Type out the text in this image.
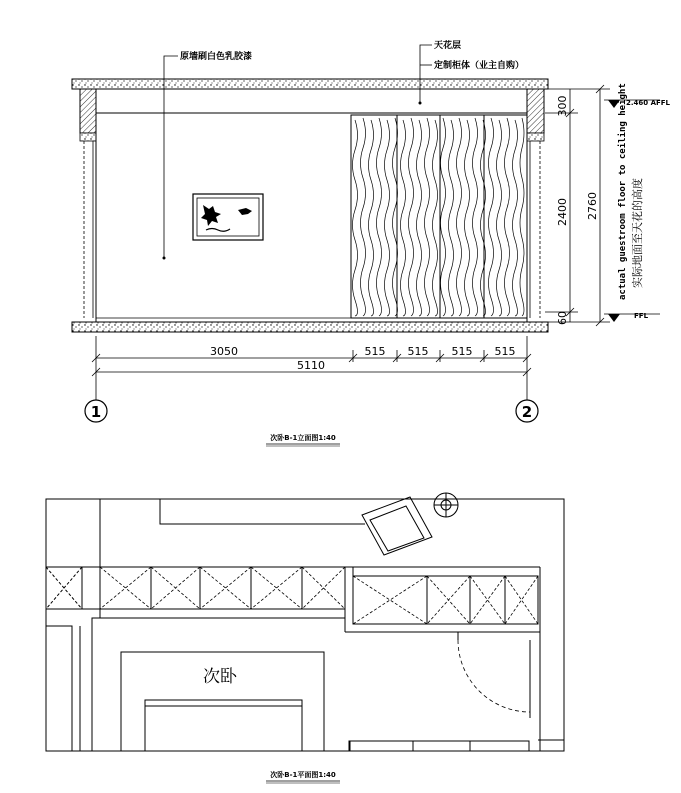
原墙刷白色乳胶漆
天花层
定制柜体（业主自购）
300
2400
60
2760
2.460 AFFL
FFL
actual guestroom floor to ceiling height 实际地面至天花的高度
3050	515 515 515 515
5110
1	2
次卧B-1立面图1:40
次卧
次卧B-1平面图1:40
